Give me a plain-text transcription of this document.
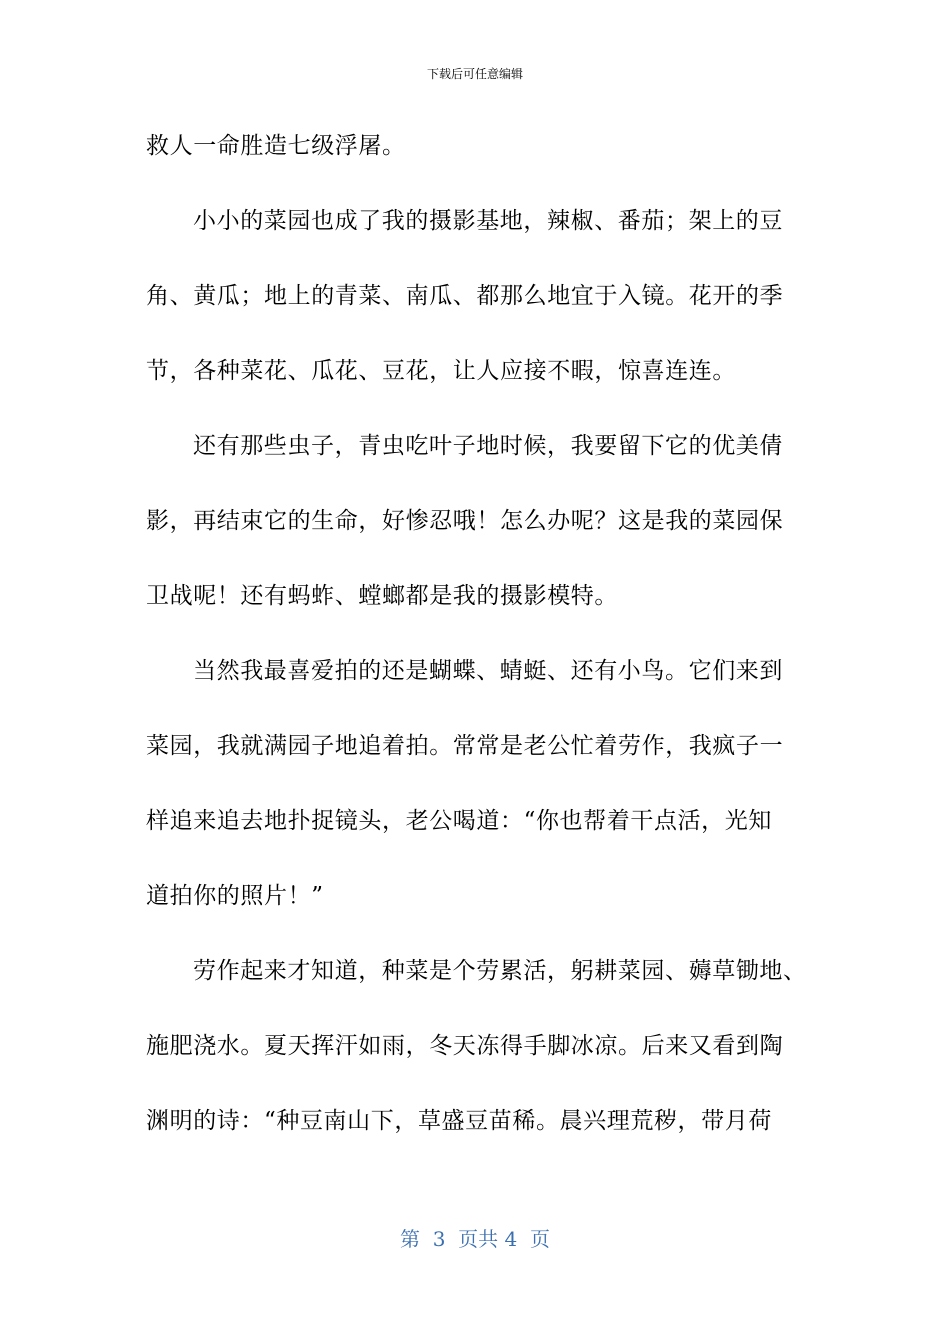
下载后可任意编辑
救人一命胜造七级浮屠。
小小的菜园也成了我的摄影基地，辣椒、番茄；架上的豆
角、黄瓜；地上的青菜、南瓜、都那么地宜于入镜。花开的季
节，各种菜花、瓜花、豆花，让人应接不暇，惊喜连连。
还有那些虫子，青虫吃叶子地时候，我要留下它的优美倩
影，再结束它的生命，好惨忍哦！怎么办呢？这是我的菜园保
卫战呢！还有蚂蚱、螳螂都是我的摄影模特。
当然我最喜爱拍的还是蝴蝶、蜻蜓、还有小鸟。它们来到
菜园，我就满园子地追着拍。常常是老公忙着劳作，我疯子一
样追来追去地扑捉镜头，老公喝道：“你也帮着干点活，光知
道拍你的照片！”
劳作起来才知道，种菜是个劳累活，躬耕菜园、薅草锄地、
施肥浇水。夏天挥汗如雨，冬天冻得手脚冰凉。后来又看到陶
渊明的诗：“种豆南山下，草盛豆苗稀。晨兴理荒秽，带月荷
第  3  页共 4  页
